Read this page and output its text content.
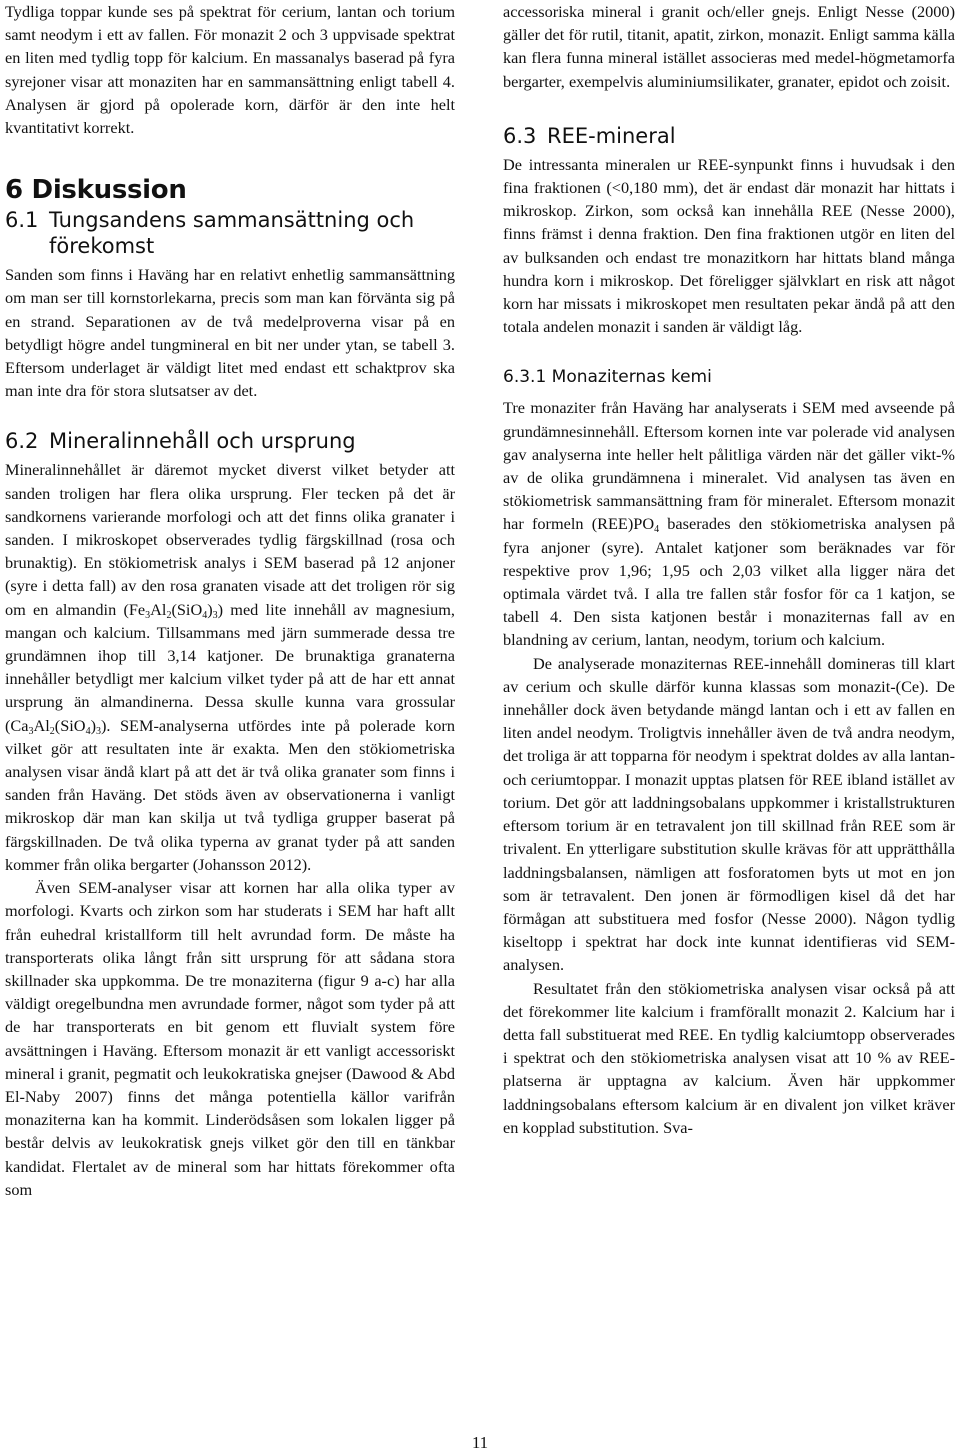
Tydliga toppar kunde ses på spektrat för cerium, lantan och torium samt neodym i ett av fallen. För monazit 2 och 3 uppvisade spektrat en liten med tydlig topp för kalcium. En massanalys baserad på fyra syrejoner visar att monaziten har en sammansättning enligt tabell 4. Analysen är gjord på opolerade korn, därför är den inte helt kvantitativt korrekt.

6 Diskussion
6.1 Tungsandens sammansättning och
förekomst

Sanden som finns i Haväng har en relativt enhetlig sammansättning om man ser till kornstorlekarna, precis som man kan förvänta sig på en strand. Separationen av de två medelproverna visar på en betydligt högre andel tungmineral en bit ner under ytan, se tabell 3. Eftersom underlaget är väldigt litet med endast ett schaktprov ska man inte dra för stora slutsatser av det.

6.2 Mineralinnehåll och ursprung

Mineralinnehållet är däremot mycket diverst vilket betyder att sanden troligen har flera olika ursprung. Fler tecken på det är sandkornens varierande morfologi och att det finns olika granater i sanden. I mikroskopet observerades tydlig färgskillnad (rosa och brunaktig). En stökiometrisk analys i SEM baserad på 12 anjoner (syre i detta fall) av den rosa granaten visade att det troligen rör sig om en almandin $(Fe_3Al_2(SiO_4)_3)$ med lite innehåll av magnesium, mangan och kalcium. Tillsammans med järn summerade dessa tre grundämnen ihop till 3,14 katjoner. De brunaktiga granaterna innehåller betydligt mer kalcium vilket tyder på att de har ett annat ursprung än almandinerna. Dessa skulle kunna vara grossular $(Ca_3Al_2(SiO_4)_3)$. SEM-analyserna utfördes inte på polerade korn vilket gör att resultaten inte är exakta. Men den stökiometriska analysen visar ändå klart på att det är två olika granater som finns i sanden från Haväng. Det stöds även av observationerna i vanligt mikroskop där man kan skilja ut två tydliga grupper baserat på färgskillnaden. De två olika typerna av granat tyder på att sanden kommer från olika bergarter (Johansson 2012).

Även SEM-analyser visar att kornen har alla olika typer av morfologi. Kvarts och zirkon som har studerats i SEM har haft allt från euhedral kristallform till helt avrundad form. De måste ha transporterats olika långt från sitt ursprung för att sådana stora skillnader ska uppkomma. De tre monaziterna (figur 9 a-c) har alla väldigt oregelbundna men avrundade former, något som tyder på att de har transporterats en bit genom ett fluvialt system före avsättningen i Haväng. Eftersom monazit är ett vanligt accessoriskt mineral i granit, pegmatit och leukokratiska gnejser (Dawood & Abd El-Naby 2007) finns det många potentiella källor varifrån monaziterna kan ha kommit. Linderödsåsen som lokalen ligger på består delvis av leukokratisk gnejs vilket gör den till en tänkbar kandidat. Flertalet av de mineral som har hittats förekommer ofta som

accessoriska mineral i granit och/eller gnejs. Enligt Nesse (2000) gäller det för rutil, titanit, apatit, zirkon, monazit. Enligt samma källa kan flera funna mineral istället associeras med medel-högmetamorfa bergarter, exempelvis aluminiumsilikater, granater, epidot och zoisit.

6.3 REE-mineral

De intressanta mineralen ur REE-synpunkt finns i huvudsak i den fina fraktionen (<0,180 mm), det är endast där monazit har hittats i mikroskop. Zirkon, som också kan innehålla REE (Nesse 2000), finns främst i denna fraktion. Den fina fraktionen utgör en liten del av bulksanden och endast tre monazitkorn har hittats bland många hundra korn i mikroskop. Det föreligger självklart en risk att något korn har missats i mikroskopet men resultaten pekar ändå på att den totala andelen monazit i sanden är väldigt låg.

6.3.1 Monaziternas kemi

Tre monaziter från Haväng har analyserats i SEM med avseende på grundämnesinnehåll. Eftersom kornen inte var polerade vid analysen gav analyserna inte heller helt pålitliga värden när det gäller vikt-% av de olika grundämnena i mineralet. Vid analysen tas även en stökiometrisk sammansättning fram för mineralet. Eftersom monazit har formeln $(REE)PO_4$ baserades den stökiometriska analysen på fyra anjoner (syre). Antalet katjoner som beräknades var för respektive prov 1,96; 1,95 och 2,03 vilket alla ligger nära det optimala värdet två. I alla tre fallen står fosfor för ca 1 katjon, se tabell 4. Den sista katjonen består i monaziternas fall av en blandning av cerium, lantan, neodym, torium och kalcium.

De analyserade monaziternas REE-innehåll domineras till klart av cerium och skulle därför kunna klassas som monazit-(Ce). De innehåller dock även betydande mängd lantan och i ett av fallen en liten andel neodym. Troligtvis innehåller även de två andra neodym, det troliga är att topparna för neodym i spektrat doldes av alla lantan- och ceriumtoppar. I monazit upptas platsen för REE ibland istället av torium. Det gör att laddningsobalans uppkommer i kristallstrukturen eftersom torium är en tetravalent jon till skillnad från REE som är trivalent. En ytterligare substitution skulle krävas för att upprätthålla laddningsbalansen, nämligen att fosforatomen byts ut mot en jon som är tetravalent. Den jonen är förmodligen kisel då det har förmågan att substituera med fosfor (Nesse 2000). Någon tydlig kiseltopp i spektrat har dock inte kunnat identifieras vid SEM-analysen.

Resultatet från den stökiometriska analysen visar också på att det förekommer lite kalcium i framförallt monazit 2. Kalcium har i detta fall substituerat med REE. En tydlig kalciumtopp observerades i spektrat och den stökiometriska analysen visat att 10 % av REE-platserna är upptagna av kalcium. Även här uppkommer laddningsobalans eftersom kalcium är en divalent jon vilket kräver en kopplad substitution. Sva-

11
